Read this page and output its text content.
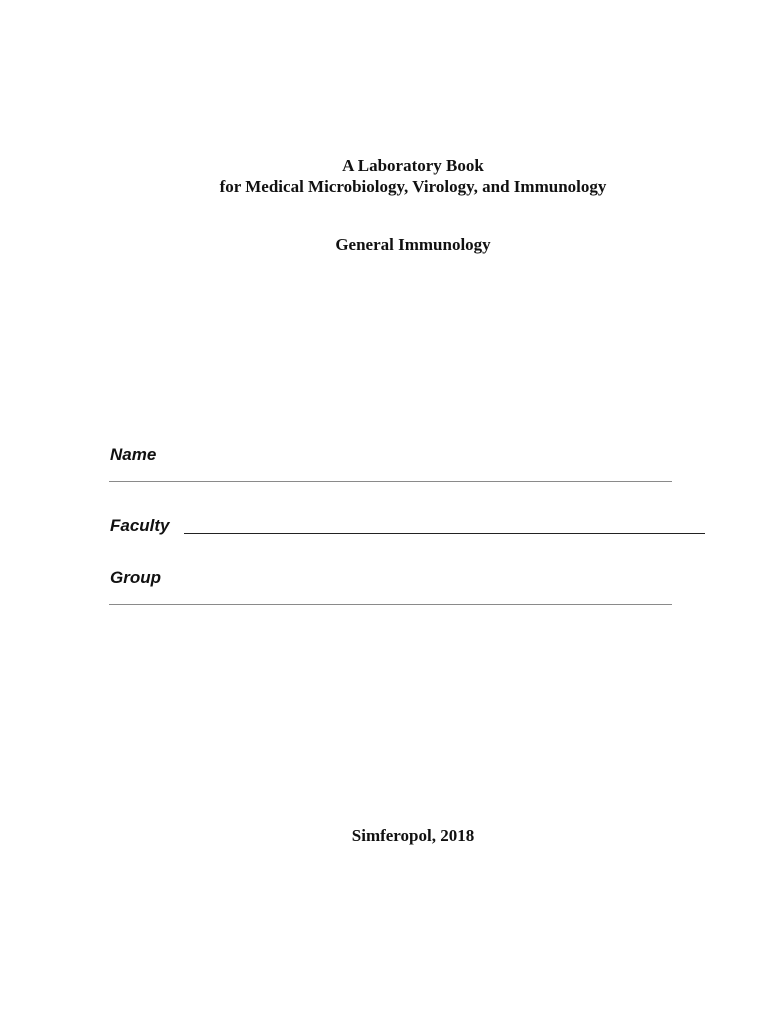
A Laboratory Book
for Medical Microbiology, Virology, and Immunology
General Immunology
Name
Faculty
Group
Simferopol, 2018
